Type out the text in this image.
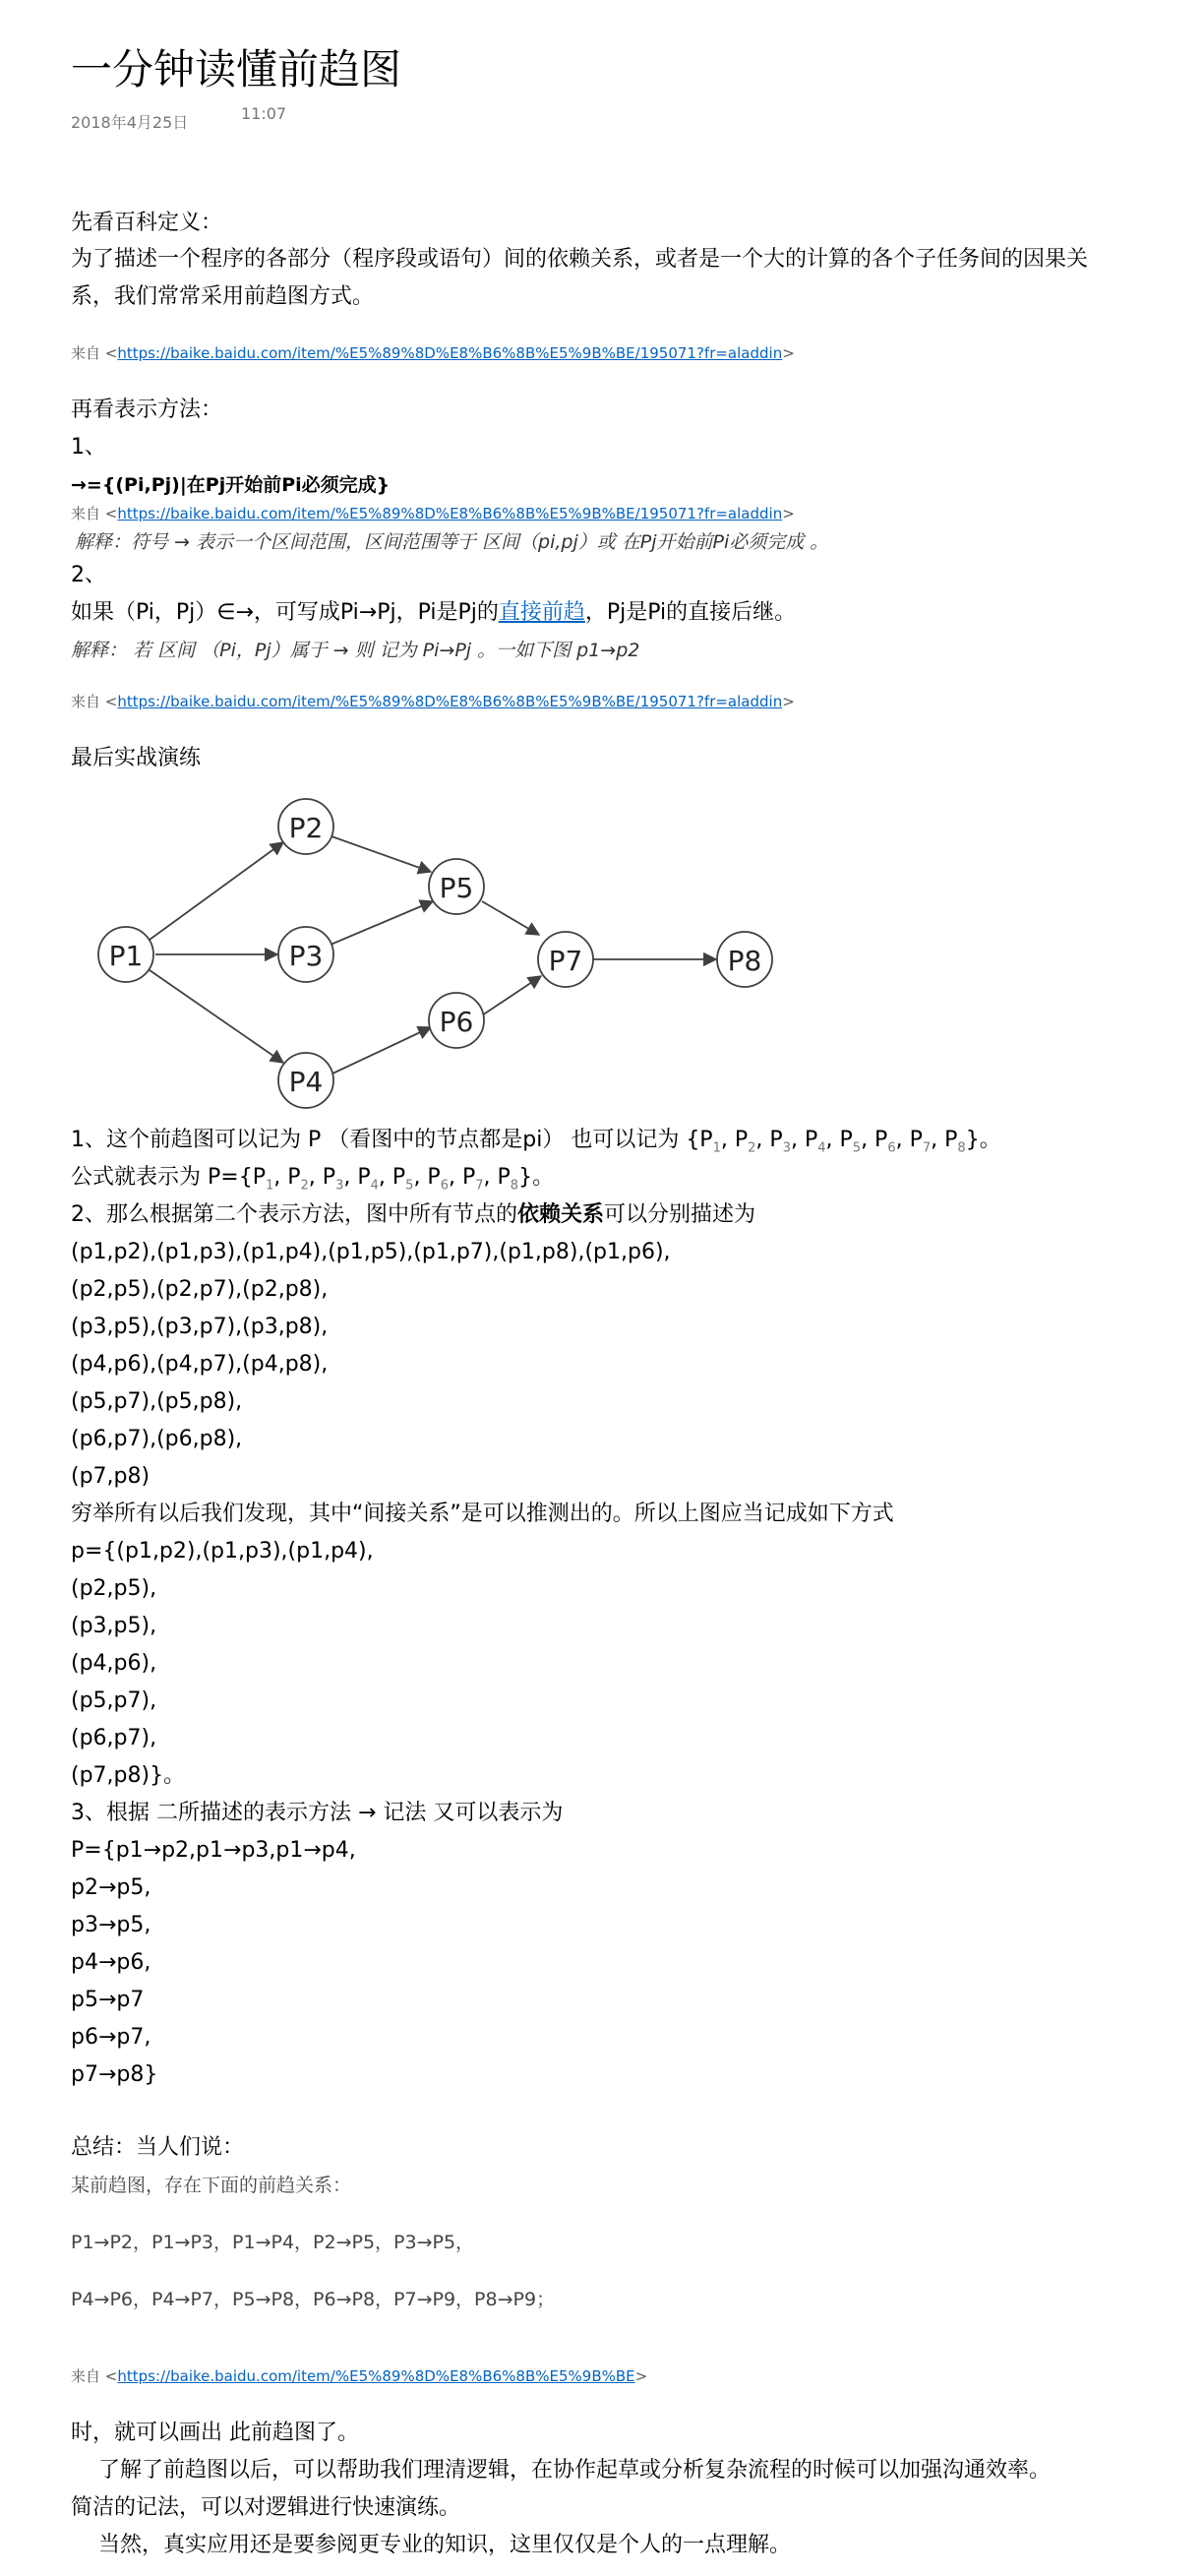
一分钟读懂前趋图
2018年4月25日	11:07
先看百科定义：
为了描述一个程序的各部分（程序段或语句）间的依赖关系，或者是一个大的计算的各个子任务间的因果关
系，我们常常采用前趋图方式。
来自 <https://baike.baidu.com/item/%E5%89%8D%E8%B6%8B%E5%9B%BE/195071?fr=aladdin>
再看表示方法：
1、
→={(Pi,Pj)|在Pj开始前Pi必须完成}
来自 <https://baike.baidu.com/item/%E5%89%8D%E8%B6%8B%E5%9B%BE/195071?fr=aladdin>
解释：符号 → 表示一个区间范围，区间范围等于 区间（pi,pj）或 在Pj开始前Pi必须完成 。
2、
如果（Pi，Pj）∈→，可写成Pi→Pj，Pi是Pj的直接前趋，Pj是Pi的直接后继。
解释： 若 区间 （Pi，Pj）属于 → 则 记为 Pi→Pj 。一如下图 p1→p2
来自 <https://baike.baidu.com/item/%E5%89%8D%E8%B6%8B%E5%9B%BE/195071?fr=aladdin>
最后实战演练
P1
P2
P3
P4
P5
P6
P7	P8
1、这个前趋图可以记为 P （看图中的节点都是pi） 也可以记为 {$P_1$, $P_2$, $P_3$, $P_4$, $P_5$, $P_6$, $P_7$, $P_8$}。
公式就表示为 $P=\{P_1$, $P_2$, $P_3$, $P_4$, $P_5$, $P_6$, $P_7$, $P_8$}。
2、那么根据第二个表示方法，图中所有节点的依赖关系可以分别描述为
(p1,p2),(p1,p3),(p1,p4),(p1,p5),(p1,p7),(p1,p8),(p1,p6),
(p2,p5),(p2,p7),(p2,p8),
(p3,p5),(p3,p7),(p3,p8),
(p4,p6),(p4,p7),(p4,p8),
(p5,p7),(p5,p8),
(p6,p7),(p6,p8),
(p7,p8)
穷举所有以后我们发现，其中“间接关系”是可以推测出的。所以上图应当记成如下方式
p={(p1,p2),(p1,p3),(p1,p4),
(p2,p5),
(p3,p5),
(p4,p6),
(p5,p7),
(p6,p7),
(p7,p8)}。
3、根据 二所描述的表示方法 → 记法 又可以表示为
P={p1→p2,p1→p3,p1→p4,
p2→p5,
p3→p5,
p4→p6,
p5→p7
p6→p7,
p7→p8}
总结：当人们说：
某前趋图，存在下面的前趋关系：
P1→P2，P1→P3，P1→P4，P2→P5，P3→P5，
P4→P6，P4→P7，P5→P8，P6→P8，P7→P9，P8→P9；
来自 <https://baike.baidu.com/item/%E5%89%8D%E8%B6%8B%E5%9B%BE>
时，就可以画出 此前趋图了。
了解了前趋图以后，可以帮助我们理清逻辑，在协作起草或分析复杂流程的时候可以加强沟通效率。
简洁的记法，可以对逻辑进行快速演练。
当然，真实应用还是要参阅更专业的知识，这里仅仅是个人的一点理解。
